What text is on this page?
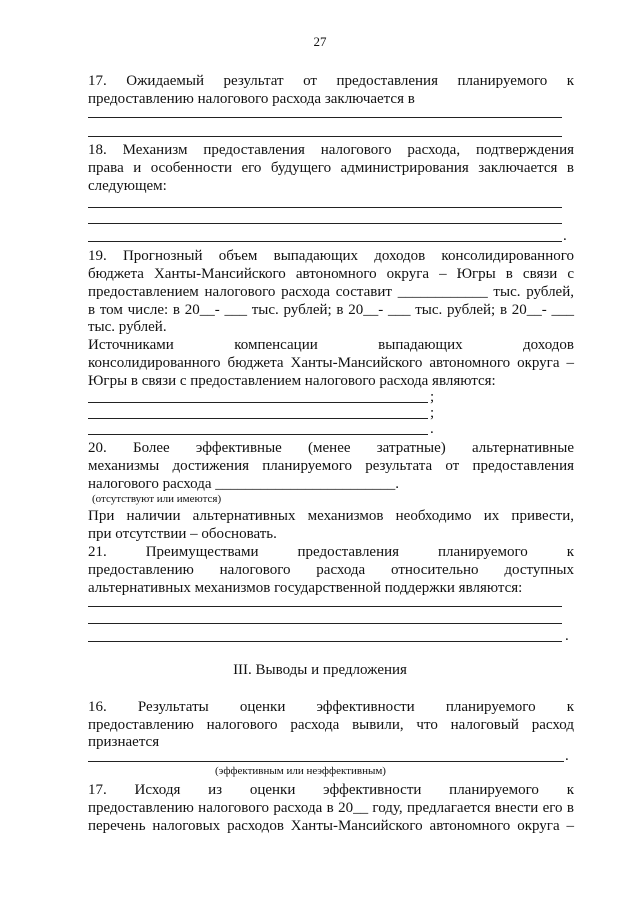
27
17. Ожидаемый результат от предоставления планируемого к
предоставлению налогового расхода заключается в
18. Механизм предоставления налогового расхода, подтверждения
права и особенности его будущего администрирования заключается в
следующем:
.
19. Прогнозный объем выпадающих доходов консолидированного
бюджета Ханты-Мансийского автономного округа – Югры в связи с
предоставлением налогового расхода составит ____________ тыс. рублей,
в том числе: в 20__- ___ тыс. рублей; в 20__- ___ тыс. рублей; в 20__- ___
тыс. рублей.
Источниками компенсации выпадающих доходов
консолидированного бюджета Ханты-Мансийского автономного округа –
Югры в связи с предоставлением налогового расхода являются:
;
;
.
20. Более эффективные (менее затратные) альтернативные
механизмы достижения планируемого результата от предоставления
налогового расхода ________________________.
(отсутствуют или имеются)
При наличии альтернативных механизмов необходимо их привести,
при отсутствии – обосновать.
21. Преимуществами предоставления планируемого к
предоставлению налогового расхода относительно доступных
альтернативных механизмов государственной поддержки являются:
.
III. Выводы и предложения
16. Результаты оценки эффективности планируемого к
предоставлению налогового расхода вывили, что налоговый расход
признается
.
(эффективным или неэффективным)
17. Исходя из оценки эффективности планируемого к
предоставлению налогового расхода в 20__ году, предлагается внести его в
перечень налоговых расходов Ханты-Мансийского автономного округа –
